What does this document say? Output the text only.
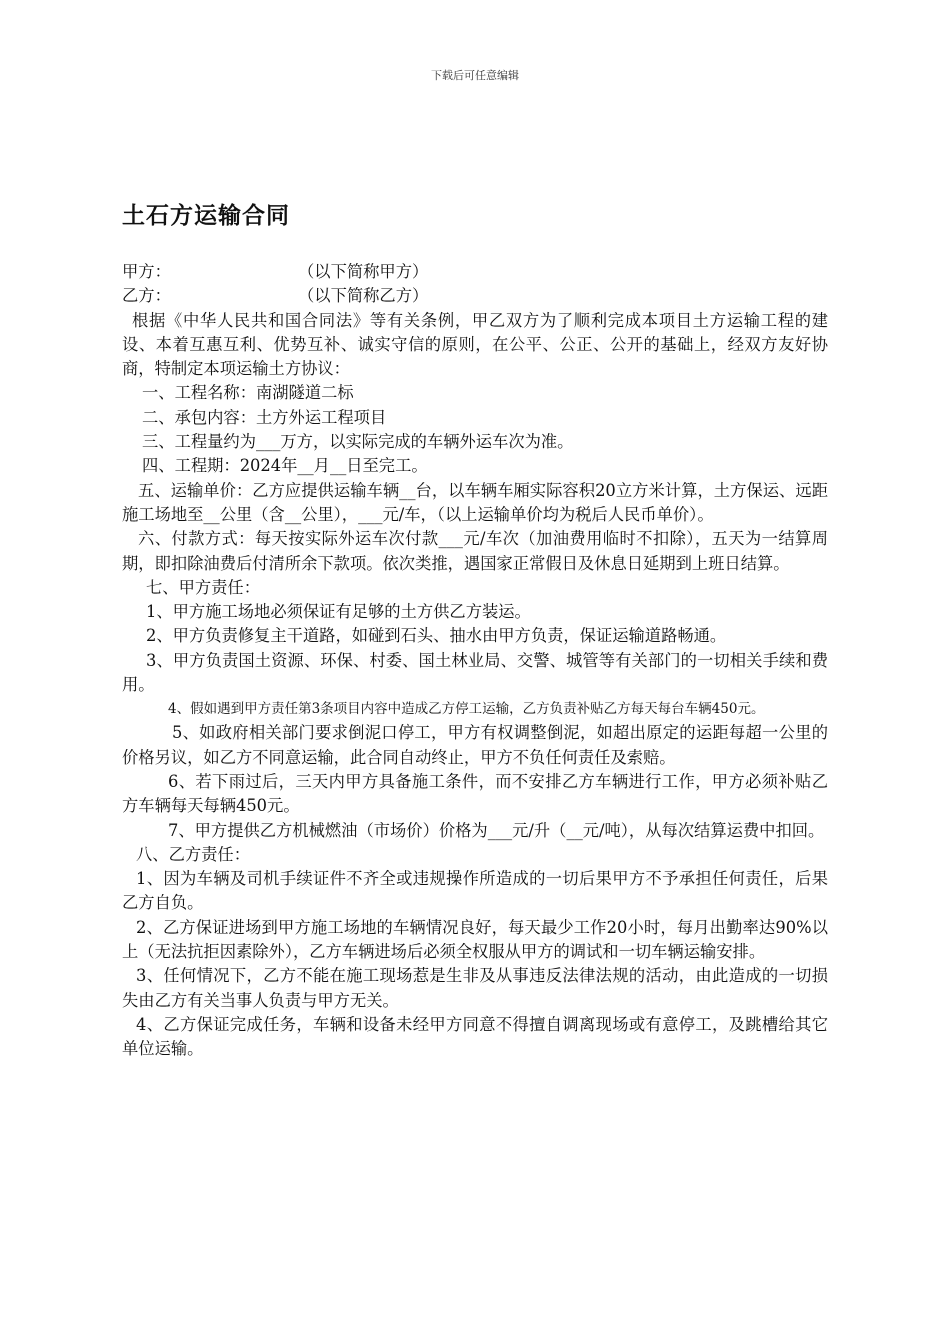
下载后可任意编辑
土石方运输合同
甲方：	（以下简称甲方）
乙方：	（以下简称乙方）

根据《中华人民共和国合同法》等有关条例，甲乙双方为了顺利完成本项目土方运输工程的建设、本着互惠互利、优势互补、诚实守信的原则，在公平、公正、公开的基础上，经双方友好协商，特制定本项运输土方协议：

一、工程名称：南湖隧道二标

二、承包内容：土方外运工程项目

三、工程量约为___万方，以实际完成的车辆外运车次为准。

四、工程期：2024年__月__日至完工。

五、运输单价：乙方应提供运输车辆__台，以车辆车厢实际容积20立方米计算，土方保运、远距施工场地至__公里（含__公里），___元/车，（以上运输单价均为税后人民币单价）。

六、付款方式：每天按实际外运车次付款___元/车次（加油费用临时不扣除），五天为一结算周期，即扣除油费后付清所余下款项。依次类推，遇国家正常假日及休息日延期到上班日结算。

七、甲方责任：

1、甲方施工场地必须保证有足够的土方供乙方装运。

2、甲方负责修复主干道路，如碰到石头、抽水由甲方负责，保证运输道路畅通。

3、甲方负责国土资源、环保、村委、国土林业局、交警、城管等有关部门的一切相关手续和费用。

4、假如遇到甲方责任第3条项目内容中造成乙方停工运输，乙方负责补贴乙方每天每台车辆450元。

5、如政府相关部门要求倒泥口停工，甲方有权调整倒泥，如超出原定的运距每超一公里的价格另议，如乙方不同意运输，此合同自动终止，甲方不负任何责任及索赔。

6、若下雨过后，三天内甲方具备施工条件，而不安排乙方车辆进行工作，甲方必须补贴乙方车辆每天每辆450元。

7、甲方提供乙方机械燃油（市场价）价格为___元/升（__元/吨），从每次结算运费中扣回。

八、乙方责任：

1、因为车辆及司机手续证件不齐全或违规操作所造成的一切后果甲方不予承担任何责任，后果乙方自负。

2、乙方保证进场到甲方施工场地的车辆情况良好，每天最少工作20小时，每月出勤率达90%以上（无法抗拒因素除外），乙方车辆进场后必须全权服从甲方的调试和一切车辆运输安排。

3、任何情况下，乙方不能在施工现场惹是生非及从事违反法律法规的活动，由此造成的一切损失由乙方有关当事人负责与甲方无关。

4、乙方保证完成任务，车辆和设备未经甲方同意不得擅自调离现场或有意停工，及跳槽给其它单位运输。
